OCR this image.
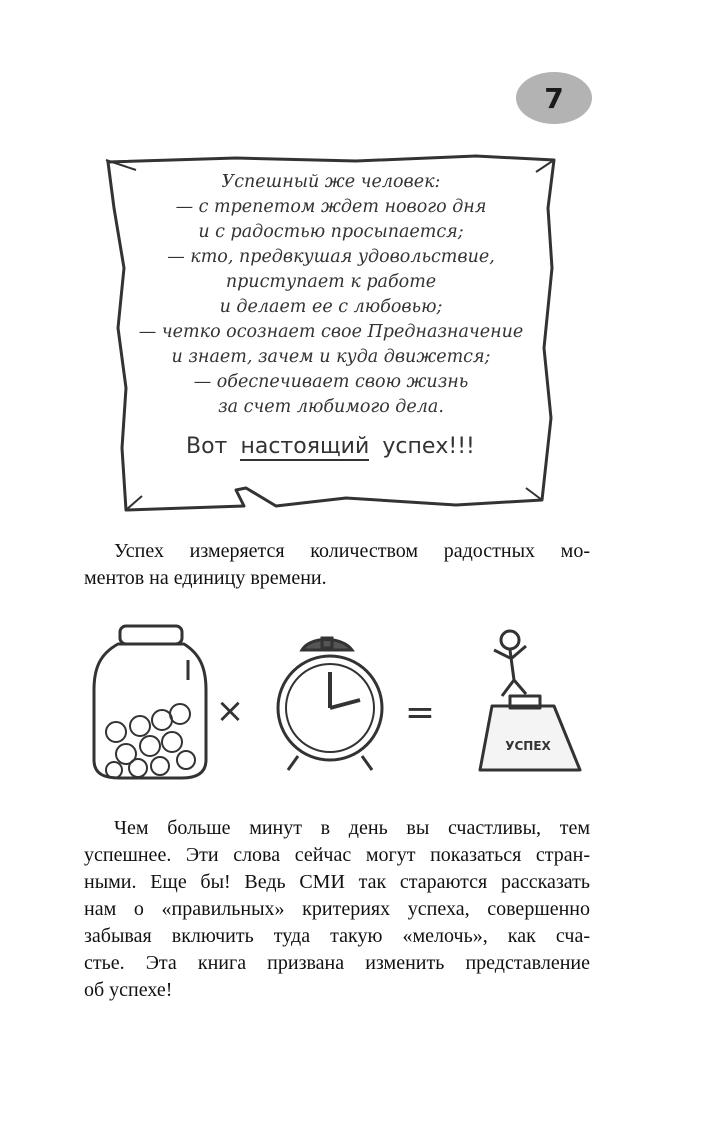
7
Успешный же человек:
— с трепетом ждет нового дня
и с радостью просыпается;
— кто, предвкушая удовольствие,
приступает к работе
и делает ее с любовью;
— четко осознает свое Предназначение
и знает, зачем и куда движется;
— обеспечивает свою жизнь
за счет любимого дела.
Вот настоящий успех!!!
Успех измеряется количеством радостных мо-
ментов на единицу времени.
×	=
УСПЕХ
Чем больше минут в день вы счастливы, тем
успешнее. Эти слова сейчас могут показаться стран-
ными. Еще бы! Ведь СМИ так стараются рассказать
нам о «правильных» критериях успеха, совершенно
забывая включить туда такую «мелочь», как сча-
стье. Эта книга призвана изменить представление
об успехе!
